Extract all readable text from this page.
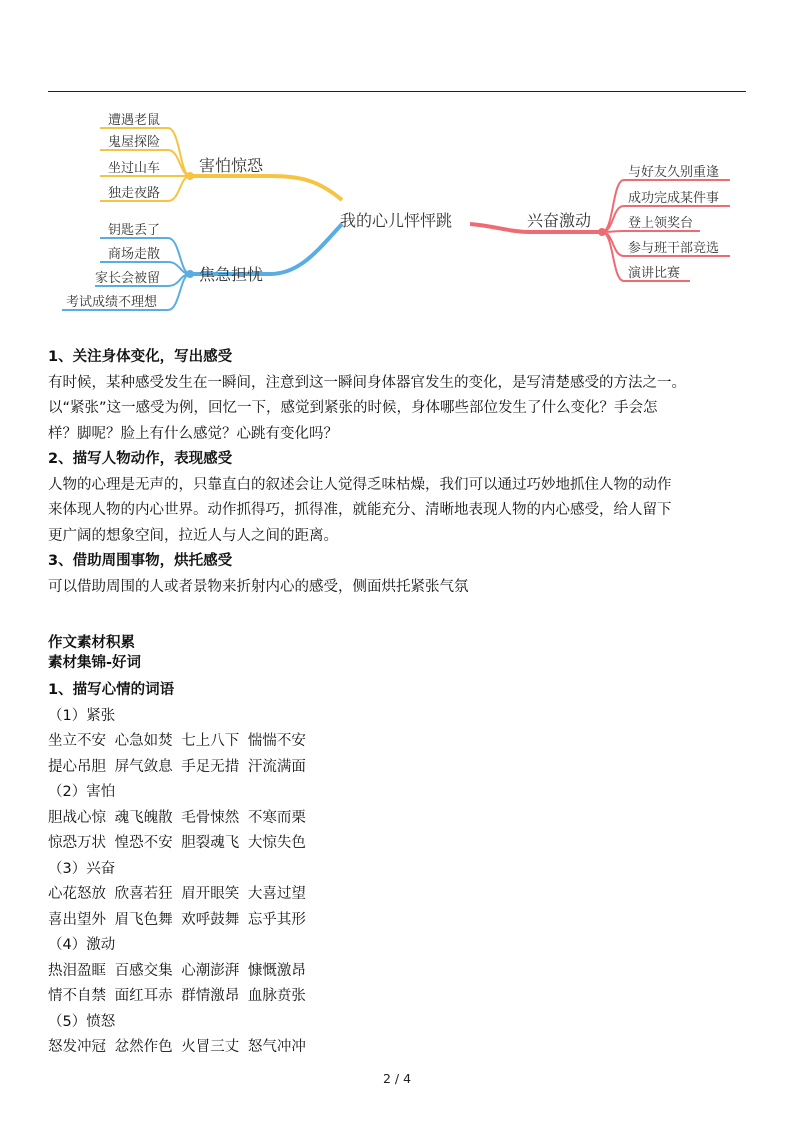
我的心儿怦怦跳
害怕惊恐
焦急担忧
兴奋激动
遭遇老鼠
鬼屋探险
坐过山车
独走夜路
钥匙丢了
商场走散
家长会被留
考试成绩不理想
与好友久别重逢
成功完成某件事
登上领奖台
参与班干部竞选
演讲比赛

1、关注身体变化，写出感受

有时候，某种感受发生在一瞬间，注意到这一瞬间身体器官发生的变化，是写清楚感受的方法之一。

以“紧张”这一感受为例，回忆一下，感觉到紧张的时候，身体哪些部位发生了什么变化？手会怎

样？脚呢？脸上有什么感觉？心跳有变化吗？

2、描写人物动作，表现感受

人物的心理是无声的，只靠直白的叙述会让人觉得乏味枯燥，我们可以通过巧妙地抓住人物的动作

来体现人物的内心世界。动作抓得巧，抓得准，就能充分、清晰地表现人物的内心感受，给人留下

更广阔的想象空间，拉近人与人之间的距离。

3、借助周围事物，烘托感受

可以借助周围的人或者景物来折射内心的感受，侧面烘托紧张气氛

作文素材积累

素材集锦-好词

1、描写心情的词语

（1）紧张

坐立不安 心急如焚 七上八下 惴惴不安

提心吊胆 屏气敛息 手足无措 汗流满面

（2）害怕

胆战心惊 魂飞魄散 毛骨悚然 不寒而栗

惊恐万状 惶恐不安 胆裂魂飞 大惊失色

（3）兴奋

心花怒放 欣喜若狂 眉开眼笑 大喜过望

喜出望外 眉飞色舞 欢呼鼓舞 忘乎其形

（4）激动

热泪盈眶 百感交集 心潮澎湃 慷慨激昂

情不自禁 面红耳赤 群情激昂 血脉贲张

（5）愤怒

怒发冲冠 忿然作色 火冒三丈 怒气冲冲

2 / 4
